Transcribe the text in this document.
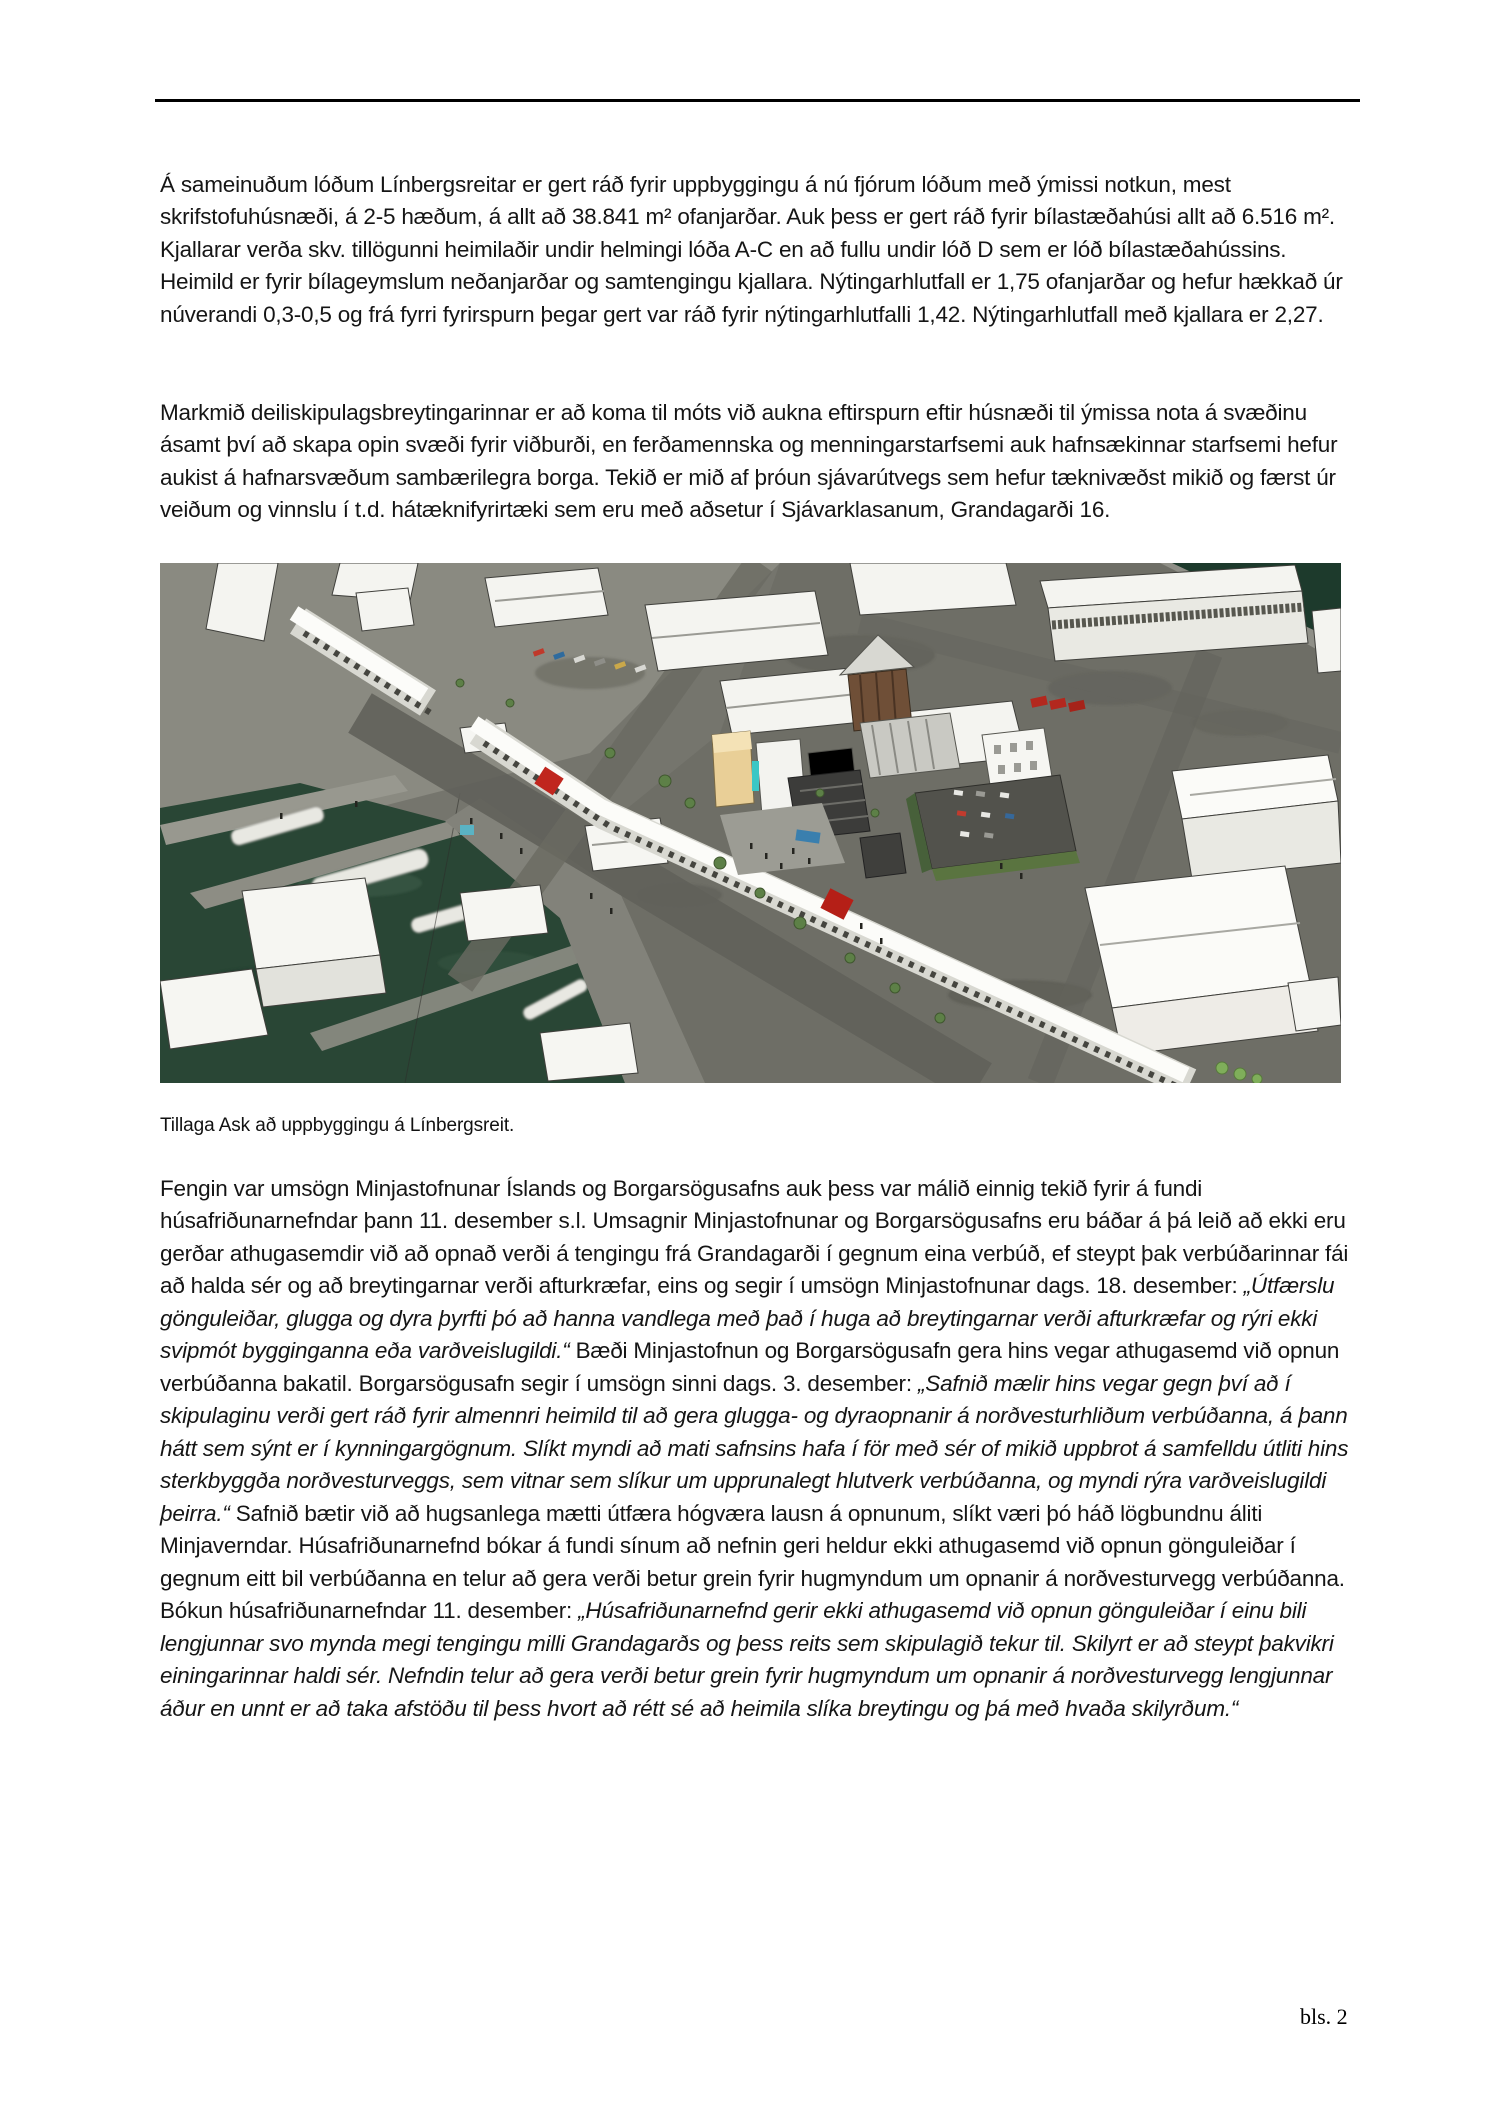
Á sameinuðum lóðum Línbergsreitar er gert ráð fyrir uppbyggingu á nú fjórum lóðum með ýmissi notkun, mest skrifstofuhúsnæði, á 2-5 hæðum, á allt að 38.841 m² ofanjarðar. Auk þess er gert ráð fyrir bílastæðahúsi allt að 6.516 m². Kjallarar verða skv. tillögunni heimilaðir undir helmingi lóða A-C en að fullu undir lóð D sem er lóð bílastæðahússins. Heimild er fyrir bílageymslum neðanjarðar og samtengingu kjallara. Nýtingarhlutfall er 1,75 ofanjarðar og hefur hækkað úr núverandi 0,3-0,5 og frá fyrri fyrirspurn þegar gert var ráð fyrir nýtingarhlutfalli 1,42. Nýtingarhlutfall með kjallara er 2,27.

Markmið deiliskipulagsbreytingarinnar er að koma til móts við aukna eftirspurn eftir húsnæði til ýmissa nota á svæðinu ásamt því að skapa opin svæði fyrir viðburði, en ferðamennska og menningarstarfsemi auk hafnsækinnar starfsemi hefur aukist á hafnarsvæðum sambærilegra borga. Tekið er mið af þróun sjávarútvegs sem hefur tæknivæðst mikið og færst úr veiðum og vinnslu í t.d. hátæknifyrirtæki sem eru með aðsetur í Sjávarklasanum, Grandagarði 16.

Tillaga Ask að uppbyggingu á Línbergsreit.

Fengin var umsögn Minjastofnunar Íslands og Borgarsögusafns auk þess var málið einnig tekið fyrir á fundi húsafriðunarnefndar þann 11. desember s.l. Umsagnir Minjastofnunar og Borgarsögusafns eru báðar á þá leið að ekki eru gerðar athugasemdir við að opnað verði á tengingu frá Grandagarði í gegnum eina verbúð, ef steypt þak verbúðarinnar fái að halda sér og að breytingarnar verði afturkræfar, eins og segir í umsögn Minjastofnunar dags. 18. desember: „Útfærslu gönguleiðar, glugga og dyra þyrfti þó að hanna vandlega með það í huga að breytingarnar verði afturkræfar og rýri ekki svipmót bygginganna eða varðveislugildi.“ Bæði Minjastofnun og Borgarsögusafn gera hins vegar athugasemd við opnun verbúðanna bakatil. Borgarsögusafn segir í umsögn sinni dags. 3. desember: „Safnið mælir hins vegar gegn því að í skipulaginu verði gert ráð fyrir almennri heimild til að gera glugga- og dyraopnanir á norðvesturhliðum verbúðanna, á þann hátt sem sýnt er í kynningargögnum. Slíkt myndi að mati safnsins hafa í för með sér of mikið uppbrot á samfelldu útliti hins sterkbyggða norðvesturveggs, sem vitnar sem slíkur um upprunalegt hlutverk verbúðanna, og myndi rýra varðveislugildi þeirra.“ Safnið bætir við að hugsanlega mætti útfæra hógværa lausn á opnunum, slíkt væri þó háð lögbundnu áliti Minjaverndar. Húsafriðunarnefnd bókar á fundi sínum að nefnin geri heldur ekki athugasemd við opnun gönguleiðar í gegnum eitt bil verbúðanna en telur að gera verði betur grein fyrir hugmyndum um opnanir á norðvesturvegg verbúðanna. Bókun húsafriðunarnefndar 11. desember: „Húsafriðunarnefnd gerir ekki athugasemd við opnun gönguleiðar í einu bili lengjunnar svo mynda megi tengingu milli Grandagarðs og þess reits sem skipulagið tekur til. Skilyrt er að steypt þakvikri einingarinnar haldi sér. Nefndin telur að gera verði betur grein fyrir hugmyndum um opnanir á norðvesturvegg lengjunnar áður en unnt er að taka afstöðu til þess hvort að rétt sé að heimila slíka breytingu og þá með hvaða skilyrðum.“

bls. 2
